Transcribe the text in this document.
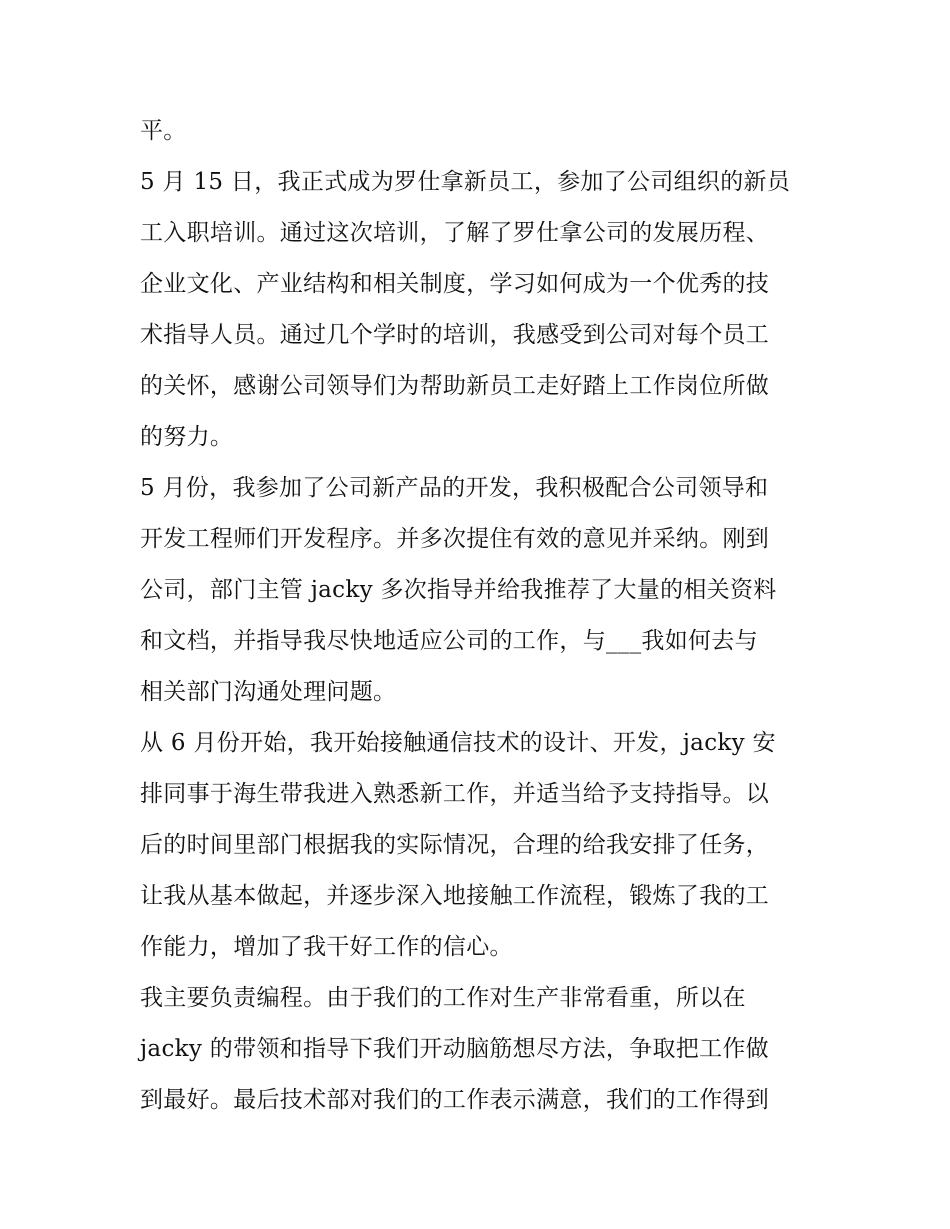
平。
5 月 15 日，我正式成为罗仕拿新员工，参加了公司组织的新员
工入职培训。通过这次培训，了解了罗仕拿公司的发展历程、
企业文化、产业结构和相关制度，学习如何成为一个优秀的技
术指导人员。通过几个学时的培训，我感受到公司对每个员工
的关怀，感谢公司领导们为帮助新员工走好踏上工作岗位所做
的努力。
5 月份，我参加了公司新产品的开发，我积极配合公司领导和
开发工程师们开发程序。并多次提住有效的意见并采纳。刚到
公司，部门主管 jacky 多次指导并给我推荐了大量的相关资料
和文档，并指导我尽快地适应公司的工作，与___我如何去与
相关部门沟通处理问题。
从 6 月份开始，我开始接触通信技术的设计、开发，jacky 安
排同事于海生带我进入熟悉新工作，并适当给予支持指导。以
后的时间里部门根据我的实际情况，合理的给我安排了任务，
让我从基本做起，并逐步深入地接触工作流程，锻炼了我的工
作能力，增加了我干好工作的信心。
我主要负责编程。由于我们的工作对生产非常看重，所以在
jacky 的带领和指导下我们开动脑筋想尽方法，争取把工作做
到最好。最后技术部对我们的工作表示满意，我们的工作得到
